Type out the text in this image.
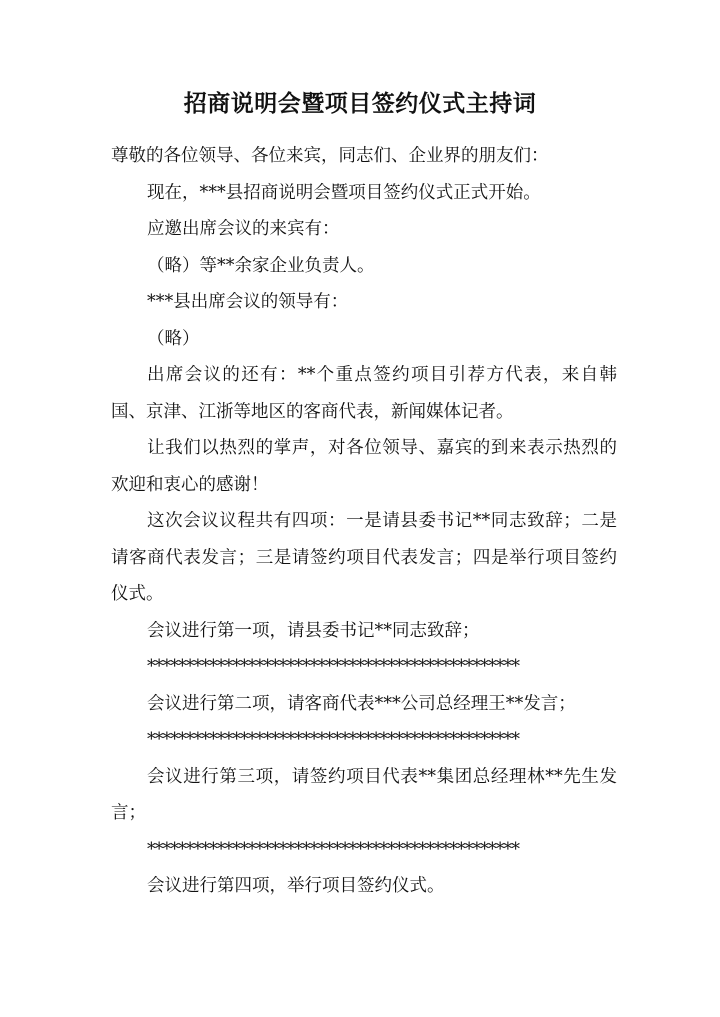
招商说明会暨项目签约仪式主持词

尊敬的各位领导、各位来宾，同志们、企业界的朋友们：

现在，***县招商说明会暨项目签约仪式正式开始。

应邀出席会议的来宾有：

（略）等**余家企业负责人。

***县出席会议的领导有：

（略）

出席会议的还有：**个重点签约项目引荐方代表，来自韩国、京津、江浙等地区的客商代表，新闻媒体记者。

让我们以热烈的掌声，对各位领导、嘉宾的到来表示热烈的欢迎和衷心的感谢！

这次会议议程共有四项：一是请县委书记**同志致辞；二是请客商代表发言；三是请签约项目代表发言；四是举行项目签约仪式。

会议进行第一项，请县委书记**同志致辞；

************************************************

会议进行第二项，请客商代表***公司总经理王**发言；

************************************************

会议进行第三项，请签约项目代表**集团总经理林**先生发言；

************************************************

会议进行第四项，举行项目签约仪式。
